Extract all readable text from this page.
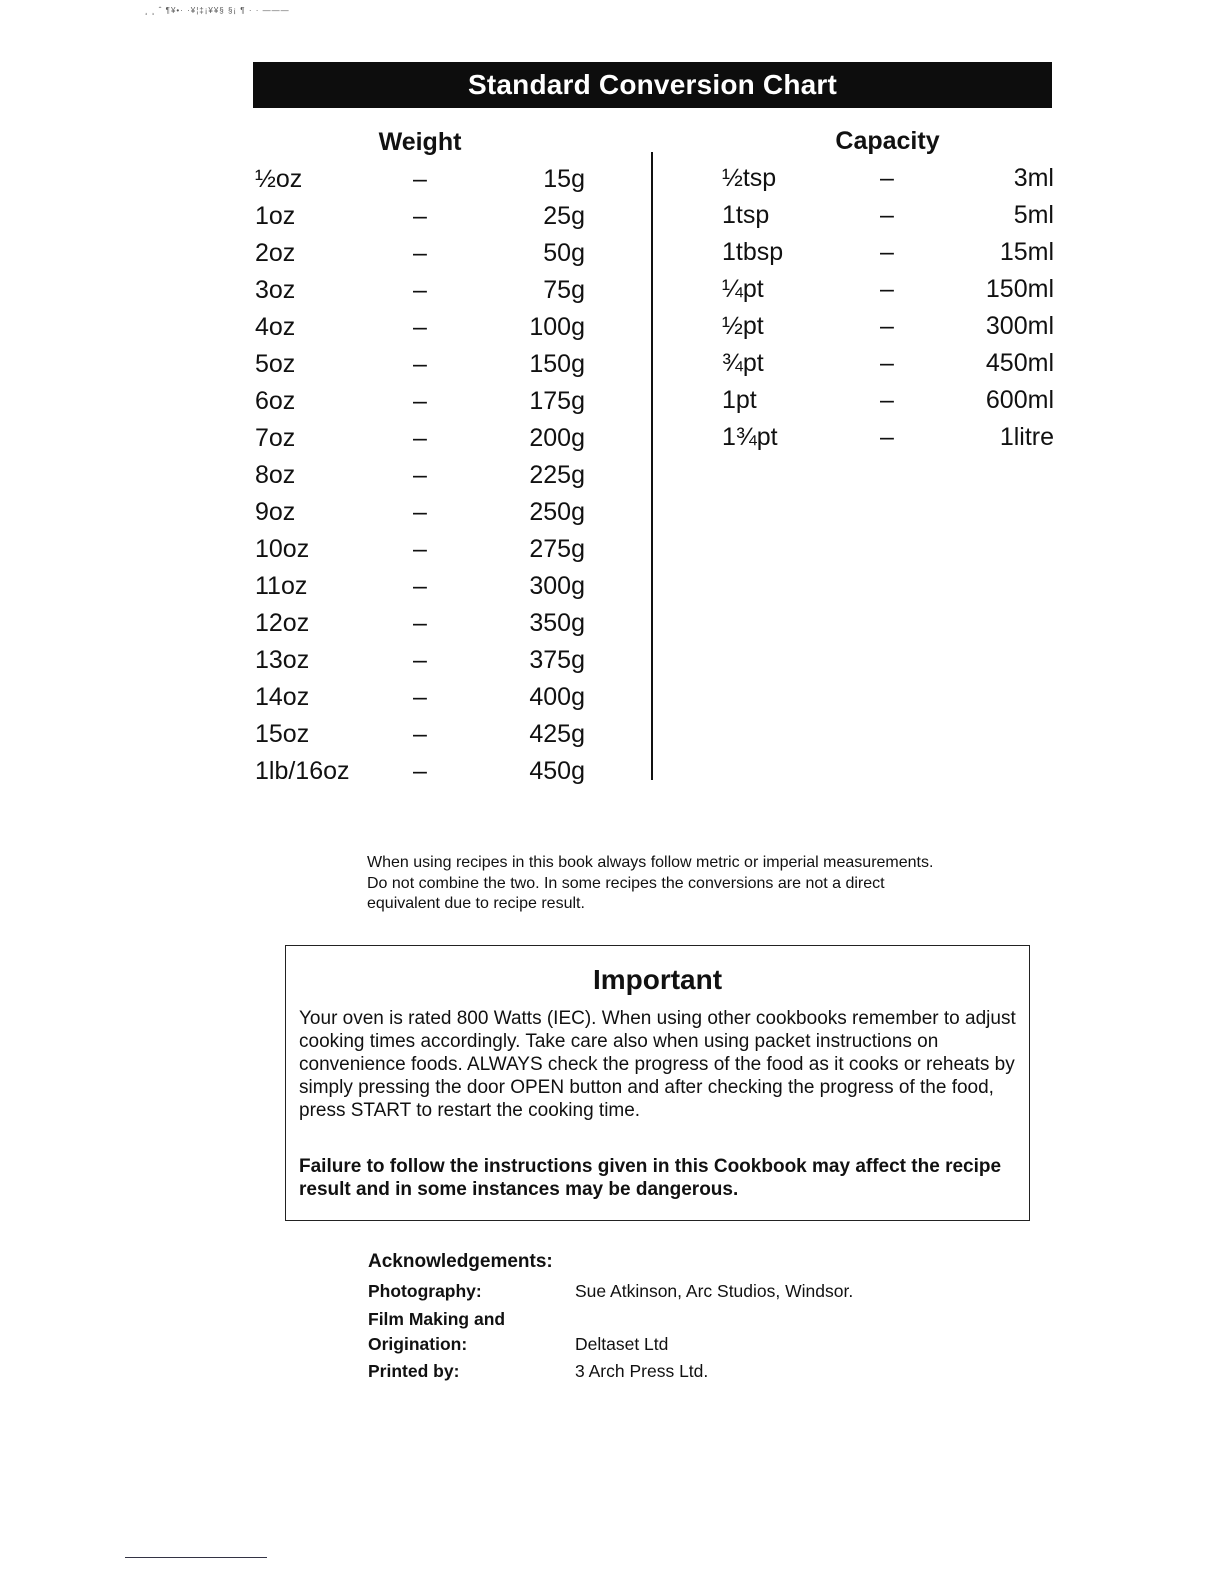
¸ ¸ ˆ ¶¥•· ·¥¦‡¡¥¥§ §¡ ¶ · · ———
Standard Conversion Chart
Weight	Capacity
½oz	–	15g
1oz	–	25g
2oz	–	50g
3oz	–	75g
4oz	–	100g
5oz	–	150g
6oz	–	175g
7oz	–	200g
8oz	–	225g
9oz	–	250g
10oz	–	275g
11oz	–	300g
12oz	–	350g
13oz	–	375g
14oz	–	400g
15oz	–	425g
1lb/16oz	–	450g
½tsp	–	3ml
1tsp	–	5ml
1tbsp	–	15ml
¼pt	–	150ml
½pt	–	300ml
¾pt	–	450ml
1pt	–	600ml
1¾pt	–	1litre

When using recipes in this book always follow metric or imperial measurements. Do not combine the two. In some recipes the conversions are not a direct equivalent due to recipe result.

Important

Your oven is rated 800 Watts (IEC). When using other cookbooks remember to adjust cooking times accordingly. Take care also when using packet instructions on convenience foods. ALWAYS check the progress of the food as it cooks or reheats by simply pressing the door OPEN button and after checking the progress of the food, press START to restart the cooking time.

Failure to follow the instructions given in this Cookbook may affect the recipe result and in some instances may be dangerous.

Acknowledgements:
Photography:	Sue Atkinson, Arc Studios, Windsor.
Film Making and
Origination:	Deltaset Ltd
Printed by:	3 Arch Press Ltd.
